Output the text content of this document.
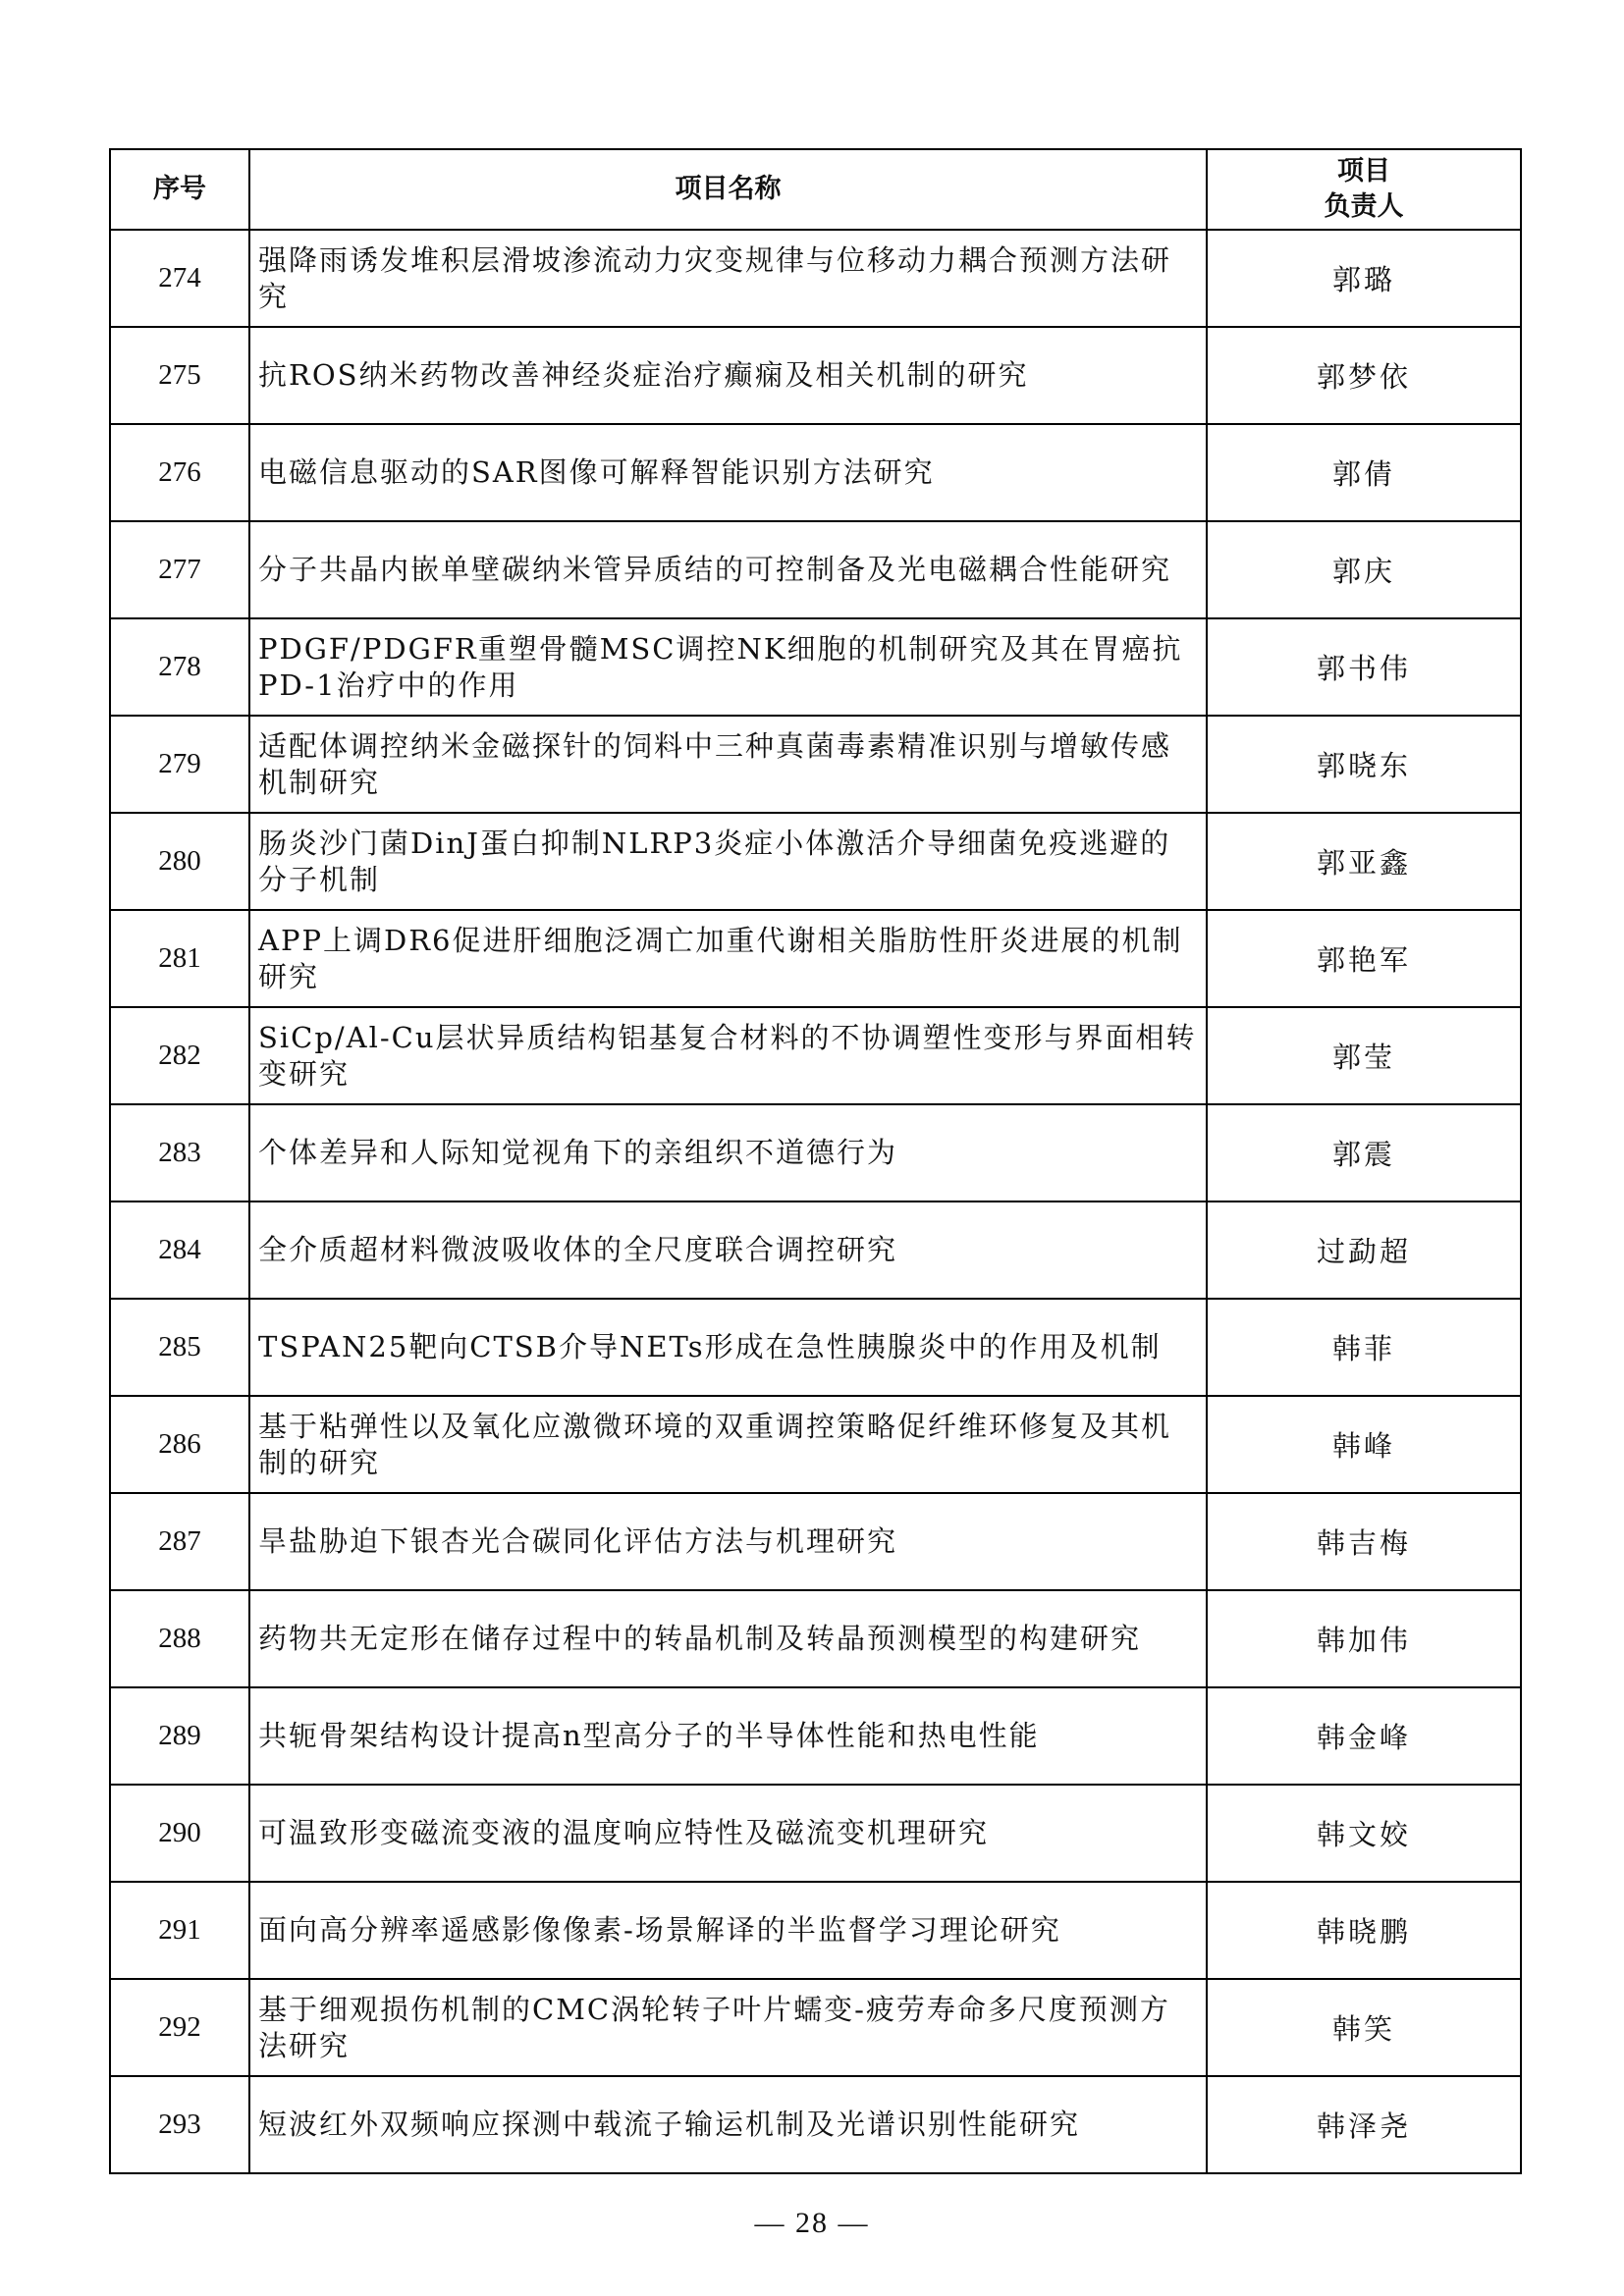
序号	项目名称	项目
负责人

274	强降雨诱发堆积层滑坡渗流动力灾变规律与位移动力耦合预测方法研究	郭璐
275	抗ROS纳米药物改善神经炎症治疗癫痫及相关机制的研究	郭梦依
276	电磁信息驱动的SAR图像可解释智能识别方法研究	郭倩
277	分子共晶内嵌单壁碳纳米管异质结的可控制备及光电磁耦合性能研究	郭庆
278	PDGF/PDGFR重塑骨髓MSC调控NK细胞的机制研究及其在胃癌抗PD-1治疗中的作用	郭书伟
279	适配体调控纳米金磁探针的饲料中三种真菌毒素精准识别与增敏传感机制研究	郭晓东
280	肠炎沙门菌DinJ蛋白抑制NLRP3炎症小体激活介导细菌免疫逃避的分子机制	郭亚鑫
281	APP上调DR6促进肝细胞泛凋亡加重代谢相关脂肪性肝炎进展的机制研究	郭艳军
282	SiCp/Al-Cu层状异质结构铝基复合材料的不协调塑性变形与界面相转变研究	郭莹
283	个体差异和人际知觉视角下的亲组织不道德行为	郭震
284	全介质超材料微波吸收体的全尺度联合调控研究	过勐超
285	TSPAN25靶向CTSB介导NETs形成在急性胰腺炎中的作用及机制	韩菲
286	基于粘弹性以及氧化应激微环境的双重调控策略促纤维环修复及其机制的研究	韩峰
287	旱盐胁迫下银杏光合碳同化评估方法与机理研究	韩吉梅
288	药物共无定形在储存过程中的转晶机制及转晶预测模型的构建研究	韩加伟
289	共轭骨架结构设计提高n型高分子的半导体性能和热电性能	韩金峰
290	可温致形变磁流变液的温度响应特性及磁流变机理研究	韩文姣
291	面向高分辨率遥感影像像素-场景解译的半监督学习理论研究	韩晓鹏
292	基于细观损伤机制的CMC涡轮转子叶片蠕变-疲劳寿命多尺度预测方法研究	韩笑
293	短波红外双频响应探测中载流子输运机制及光谱识别性能研究	韩泽尧
— 28 —
